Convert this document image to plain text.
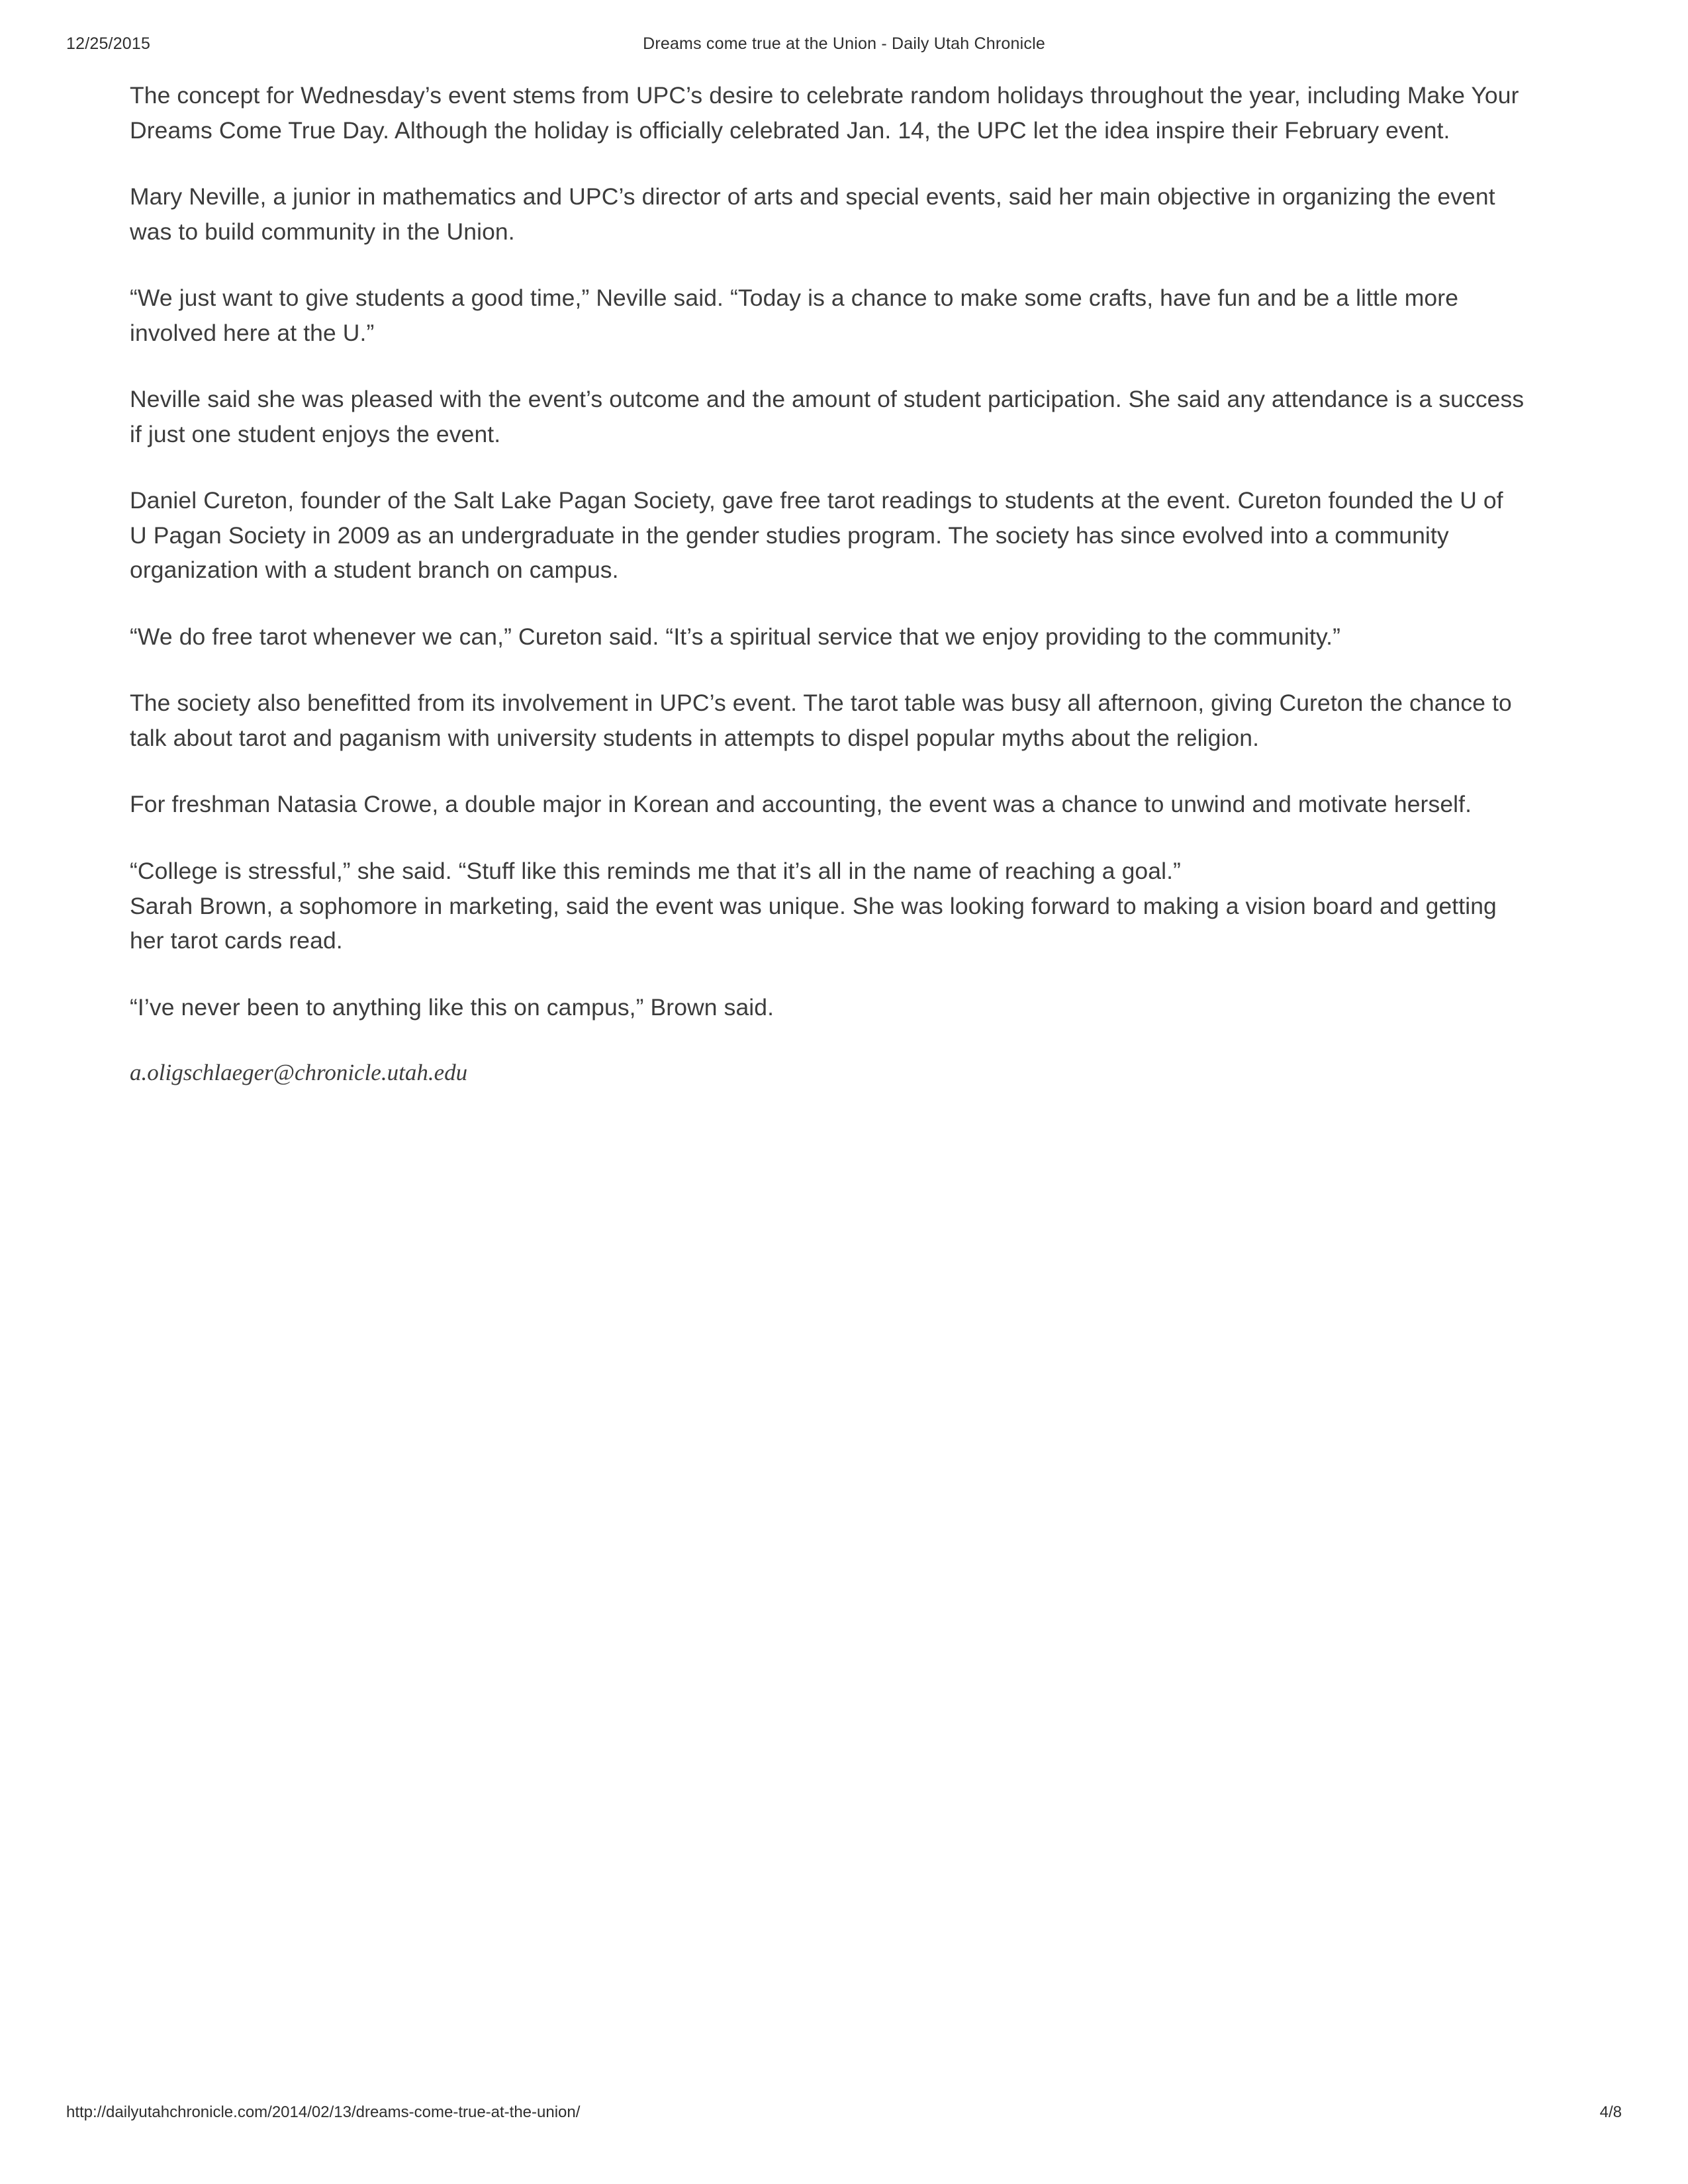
12/25/2015	Dreams come true at the Union - Daily Utah Chronicle

The concept for Wednesday’s event stems from UPC’s desire to celebrate random holidays throughout the year, including Make Your Dreams Come True Day. Although the holiday is officially celebrated Jan. 14, the UPC let the idea inspire their February event.

Mary Neville, a junior in mathematics and UPC’s director of arts and special events, said her main objective in organizing the event was to build community in the Union.

“We just want to give students a good time,” Neville said. “Today is a chance to make some crafts, have fun and be a little more involved here at the U.”

Neville said she was pleased with the event’s outcome and the amount of student participation. She said any attendance is a success if just one student enjoys the event.

Daniel Cureton, founder of the Salt Lake Pagan Society, gave free tarot readings to students at the event. Cureton founded the U of U Pagan Society in 2009 as an undergraduate in the gender studies program. The society has since evolved into a community organization with a student branch on campus.

“We do free tarot whenever we can,” Cureton said. “It’s a spiritual service that we enjoy providing to the community.”

The society also benefitted from its involvement in UPC’s event. The tarot table was busy all afternoon, giving Cureton the chance to talk about tarot and paganism with university students in attempts to dispel popular myths about the religion.

For freshman Natasia Crowe, a double major in Korean and accounting, the event was a chance to unwind and motivate herself.

“College is stressful,” she said. “Stuff like this reminds me that it’s all in the name of reaching a goal.”

Sarah Brown, a sophomore in marketing, said the event was unique. She was looking forward to making a vision board and getting her tarot cards read.

“I’ve never been to anything like this on campus,” Brown said.

a.oligschlaeger@chronicle.utah.edu

http://dailyutahchronicle.com/2014/02/13/dreams-come-true-at-the-union/	4/8
